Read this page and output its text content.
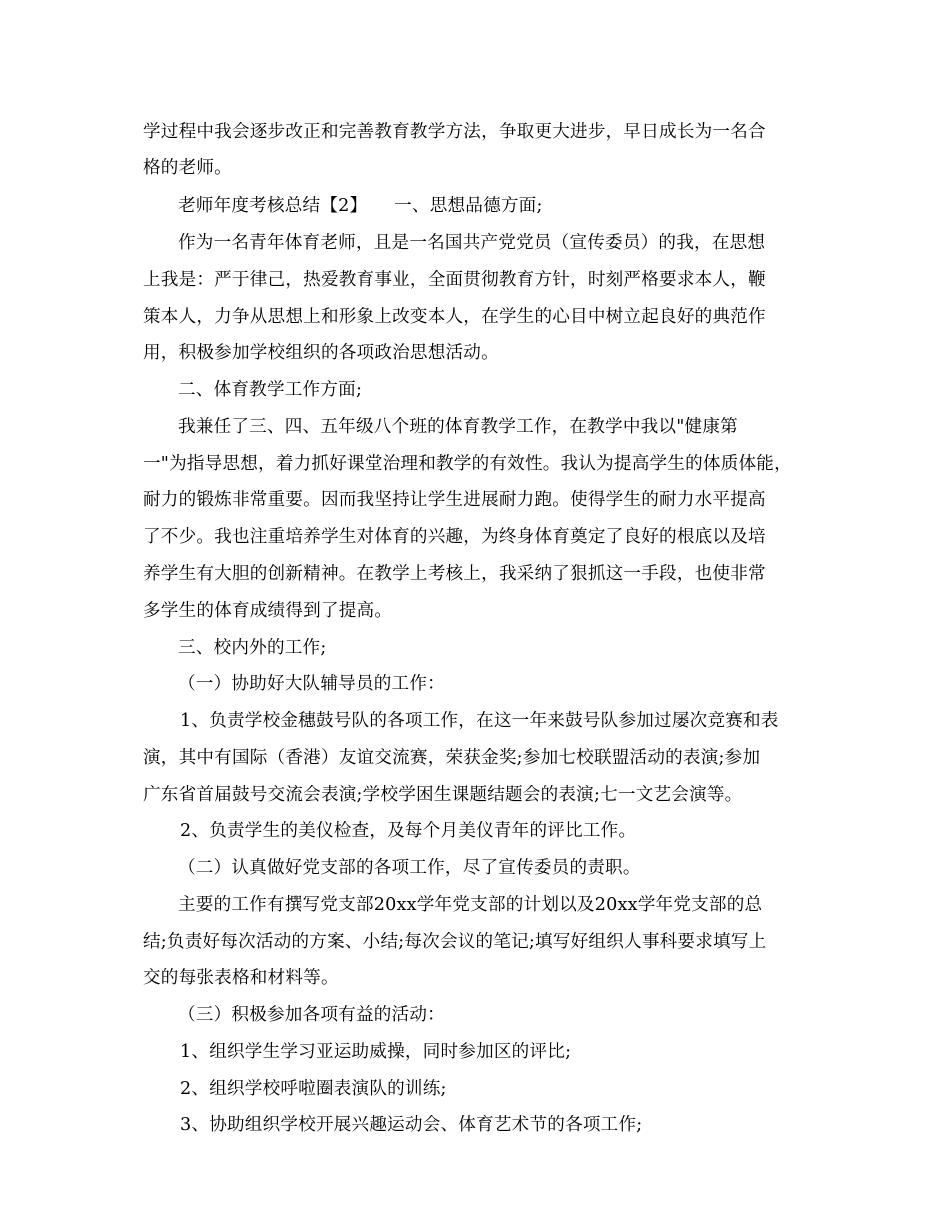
学过程中我会逐步改正和完善教育教学方法，争取更大进步，早日成长为一名合
格的老师。
老师年度考核总结【2】　　一、思想品德方面;
作为一名青年体育老师，且是一名国共产党党员（宣传委员）的我，在思想
上我是：严于律己，热爱教育事业，全面贯彻教育方针，时刻严格要求本人，鞭
策本人，力争从思想上和形象上改变本人，在学生的心目中树立起良好的典范作
用，积极参加学校组织的各项政治思想活动。
二、体育教学工作方面;
我兼任了三、四、五年级八个班的体育教学工作，在教学中我以"健康第
一"为指导思想，着力抓好课堂治理和教学的有效性。我认为提高学生的体质体能，
耐力的锻炼非常重要。因而我坚持让学生进展耐力跑。使得学生的耐力水平提高
了不少。我也注重培养学生对体育的兴趣，为终身体育奠定了良好的根底以及培
养学生有大胆的创新精神。在教学上考核上，我采纳了狠抓这一手段，也使非常
多学生的体育成绩得到了提高。
三、校内外的工作;
（一）协助好大队辅导员的工作：
1、负责学校金穗鼓号队的各项工作，在这一年来鼓号队参加过屡次竞赛和表
演，其中有国际（香港）友谊交流赛，荣获金奖;参加七校联盟活动的表演;参加
广东省首届鼓号交流会表演;学校学困生课题结题会的表演;七一文艺会演等。
2、负责学生的美仪检查，及每个月美仪青年的评比工作。
（二）认真做好党支部的各项工作，尽了宣传委员的责职。
主要的工作有撰写党支部20xx学年党支部的计划以及20xx学年党支部的总
结;负责好每次活动的方案、小结;每次会议的笔记;填写好组织人事科要求填写上
交的每张表格和材料等。
（三）积极参加各项有益的活动：
1、组织学生学习亚运助威操，同时参加区的评比;
2、组织学校呼啦圈表演队的训练;
3、协助组织学校开展兴趣运动会、体育艺术节的各项工作;
